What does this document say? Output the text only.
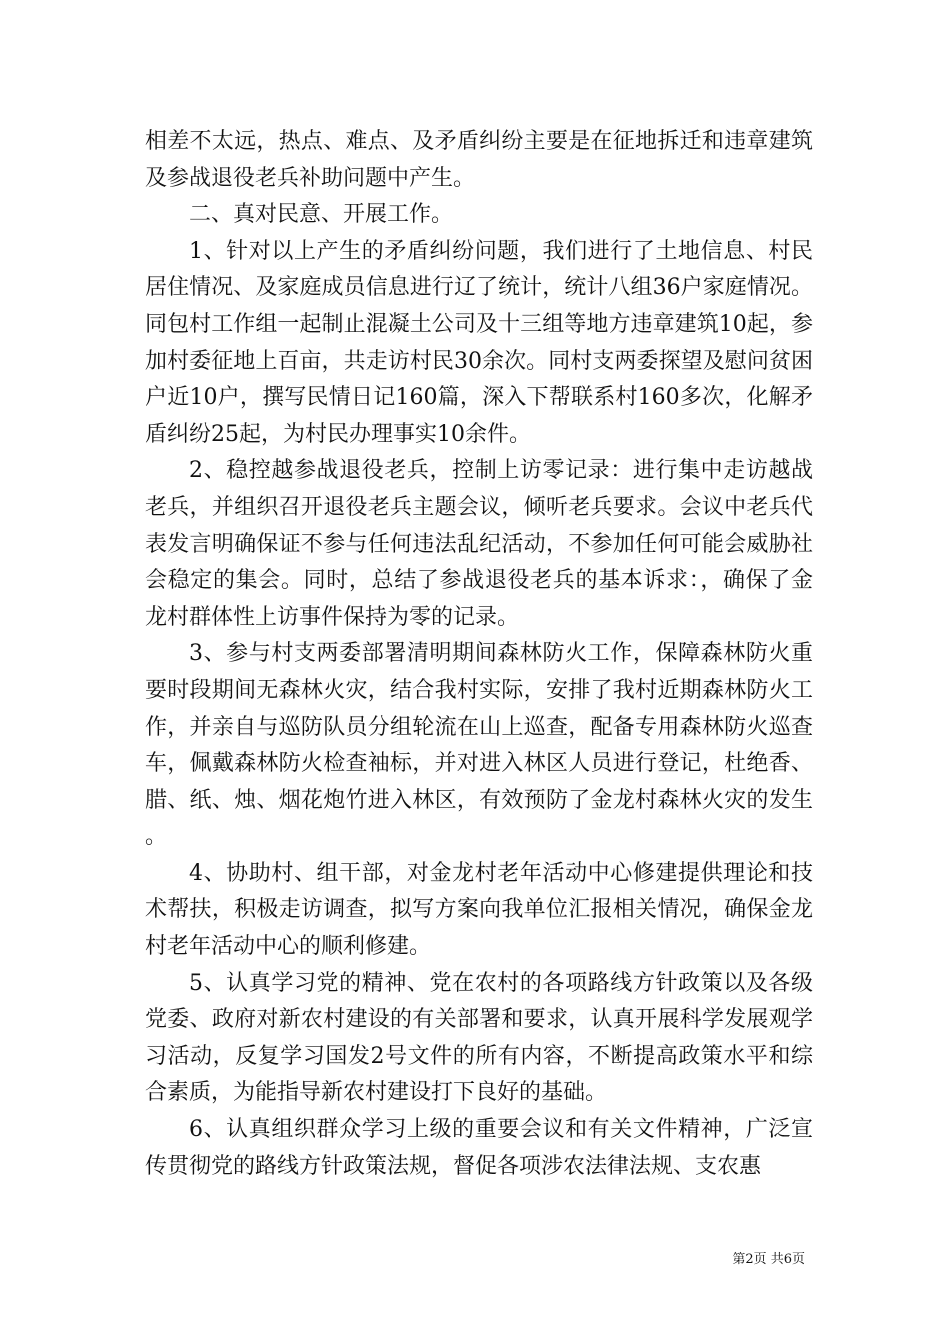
相差不太远，热点、难点、及矛盾纠纷主要是在征地拆迁和违章建筑及参战退役老兵补助问题中产生。

二、真对民意、开展工作。

1、针对以上产生的矛盾纠纷问题，我们进行了土地信息、村民居住情况、及家庭成员信息进行辽了统计，统计八组36户家庭情况。同包村工作组一起制止混凝土公司及十三组等地方违章建筑10起，参加村委征地上百亩，共走访村民30余次。同村支两委探望及慰问贫困户近10户，撰写民情日记160篇，深入下帮联系村160多次，化解矛盾纠纷25起，为村民办理事实10余件。

2、稳控越参战退役老兵，控制上访零记录：进行集中走访越战老兵，并组织召开退役老兵主题会议，倾听老兵要求。会议中老兵代表发言明确保证不参与任何违法乱纪活动，不参加任何可能会威胁社会稳定的集会。同时，总结了参战退役老兵的基本诉求：，确保了金龙村群体性上访事件保持为零的记录。

3、参与村支两委部署清明期间森林防火工作，保障森林防火重要时段期间无森林火灾，结合我村实际，安排了我村近期森林防火工作，并亲自与巡防队员分组轮流在山上巡查，配备专用森林防火巡查车，佩戴森林防火检查袖标，并对进入林区人员进行登记，杜绝香、腊、纸、烛、烟花炮竹进入林区，有效预防了金龙村森林火灾的发生。

4、协助村、组干部，对金龙村老年活动中心修建提供理论和技术帮扶，积极走访调查，拟写方案向我单位汇报相关情况，确保金龙村老年活动中心的顺利修建。

5、认真学习党的精神、党在农村的各项路线方针政策以及各级党委、政府对新农村建设的有关部署和要求，认真开展科学发展观学习活动，反复学习国发2号文件的所有内容，不断提高政策水平和综合素质，为能指导新农村建设打下良好的基础。

6、认真组织群众学习上级的重要会议和有关文件精神，广泛宣传贯彻党的路线方针政策法规，督促各项涉农法律法规、支农惠

第2页 共6页
